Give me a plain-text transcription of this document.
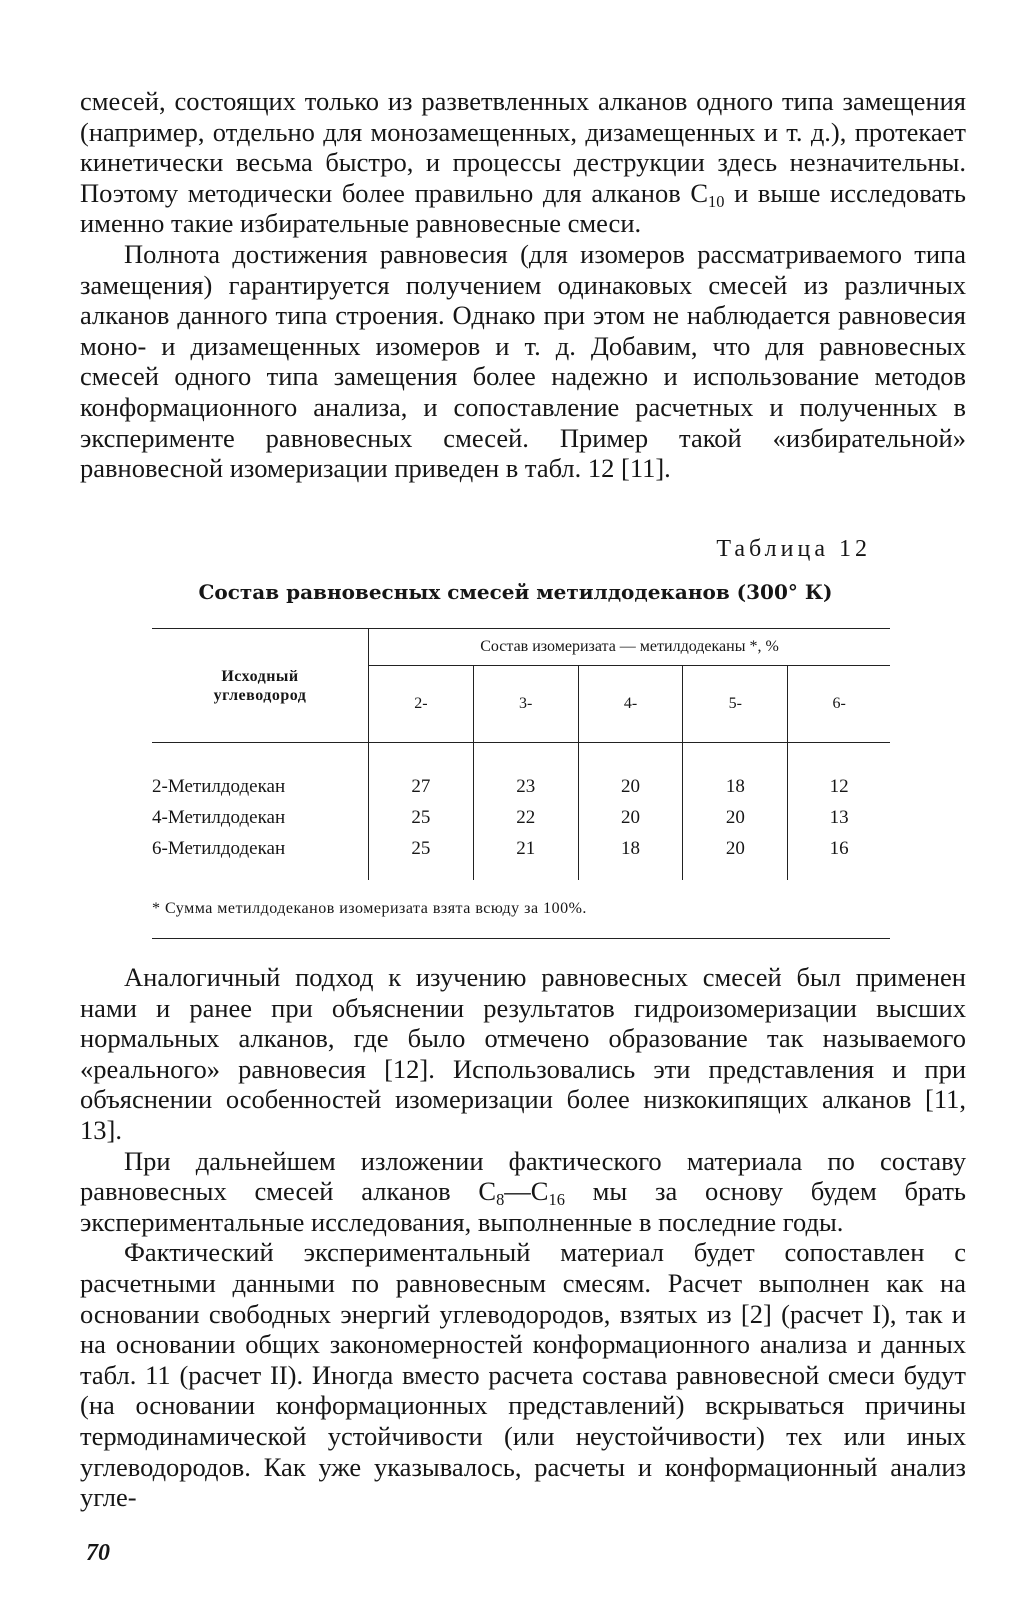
смесей, состоящих только из разветвленных алканов одного типа замещения (например, отдельно для монозамещенных, дизамещенных и т. д.), протекает кинетически весьма быстро, и процессы деструкции здесь незначительны. Поэтому методически более правильно для алканов $C_{10}$ и выше исследовать именно такие избирательные равновесные смеси.

Полнота достижения равновесия (для изомеров рассматриваемого типа замещения) гарантируется получением одинаковых смесей из различных алканов данного типа строения. Однако при этом не наблюдается равновесия моно- и дизамещенных изомеров и т. д. Добавим, что для равновесных смесей одного типа замещения более надежно и использование методов конформационного анализа, и сопоставление расчетных и полученных в эксперименте равновесных смесей. Пример такой «избирательной» равновесной изомеризации приведен в табл. 12 [11].

Таблица 12

Состав равновесных смесей метилдодеканов (300° К)

Исходный
углеводород	Состав изомеризата — метилдодеканы *, %				
	2-	3-	4-	5-	6-

2-Метилдодекан	27	23	20	18	12
4-Метилдодекан	25	22	20	20	13
6-Метилдодекан	25	21	18	20	16

* Сумма метилдодеканов изомеризата взята всюду за 100%.

Аналогичный подход к изучению равновесных смесей был применен нами и ранее при объяснении результатов гидроизомеризации высших нормальных алканов, где было отмечено образование так называемого «реального» равновесия [12]. Использовались эти представления и при объяснении особенностей изомеризации более низкокипящих алканов [11, 13].

При дальнейшем изложении фактического материала по составу равновесных смесей алканов $C_8—C_{16}$ мы за основу будем брать экспериментальные исследования, выполненные в последние годы.

Фактический экспериментальный материал будет сопоставлен с расчетными данными по равновесным смесям. Расчет выполнен как на основании свободных энергий углеводородов, взятых из [2] (расчет I), так и на основании общих закономерностей конформационного анализа и данных табл. 11 (расчет II). Иногда вместо расчета состава равновесной смеси будут (на основании конформационных представлений) вскрываться причины термодинамической устойчивости (или неустойчивости) тех или иных углеводородов. Как уже указывалось, расчеты и конформационный анализ угле-

70
